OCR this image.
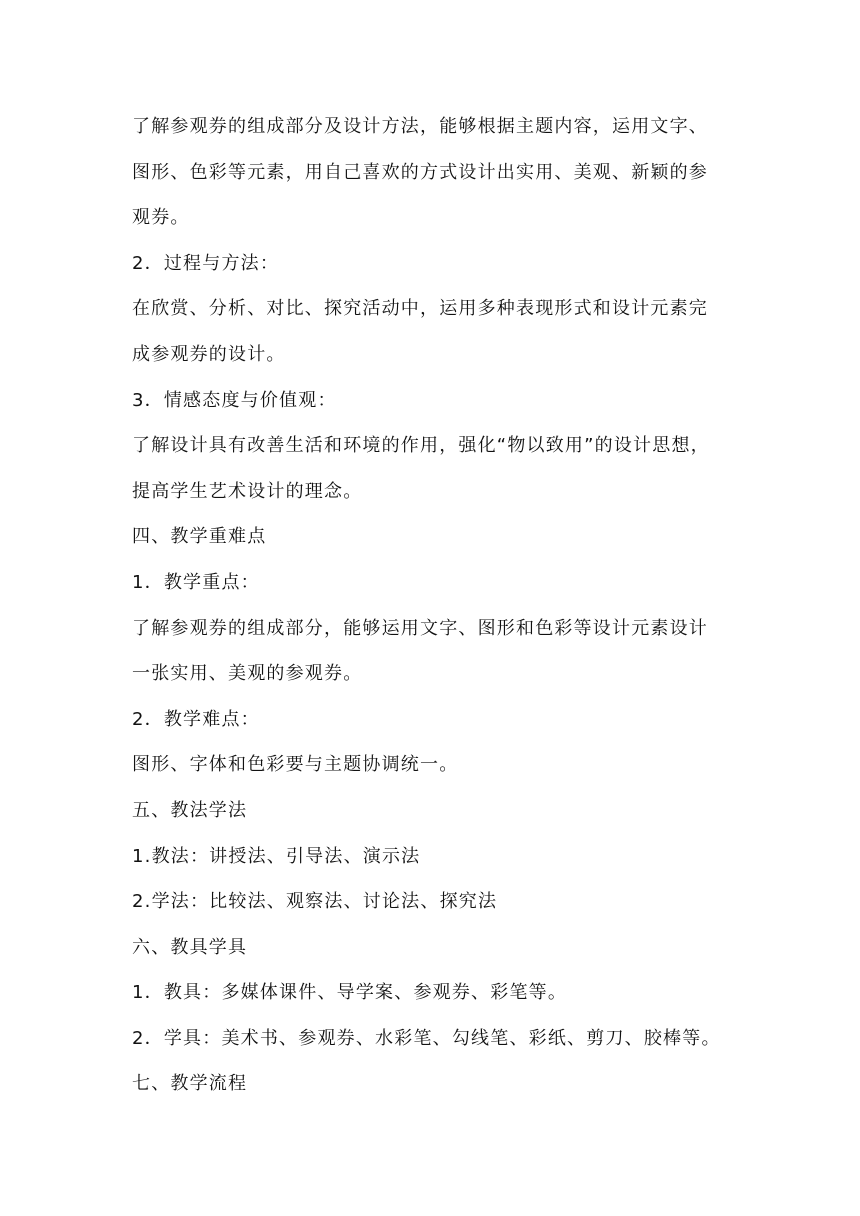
了解参观券的组成部分及设计方法，能够根据主题内容，运用文字、
图形、色彩等元素，用自己喜欢的方式设计出实用、美观、新颖的参
观券。
2．过程与方法：
在欣赏、分析、对比、探究活动中，运用多种表现形式和设计元素完
成参观券的设计。
3．情感态度与价值观：
了解设计具有改善生活和环境的作用，强化“物以致用”的设计思想，
提高学生艺术设计的理念。
四、教学重难点
1．教学重点：
了解参观券的组成部分，能够运用文字、图形和色彩等设计元素设计
一张实用、美观的参观券。
2．教学难点：
图形、字体和色彩要与主题协调统一。
五、教法学法
1.教法：讲授法、引导法、演示法
2.学法：比较法、观察法、讨论法、探究法
六、教具学具
1．教具：多媒体课件、导学案、参观券、彩笔等。
2．学具：美术书、参观券、水彩笔、勾线笔、彩纸、剪刀、胶棒等。
七、教学流程
